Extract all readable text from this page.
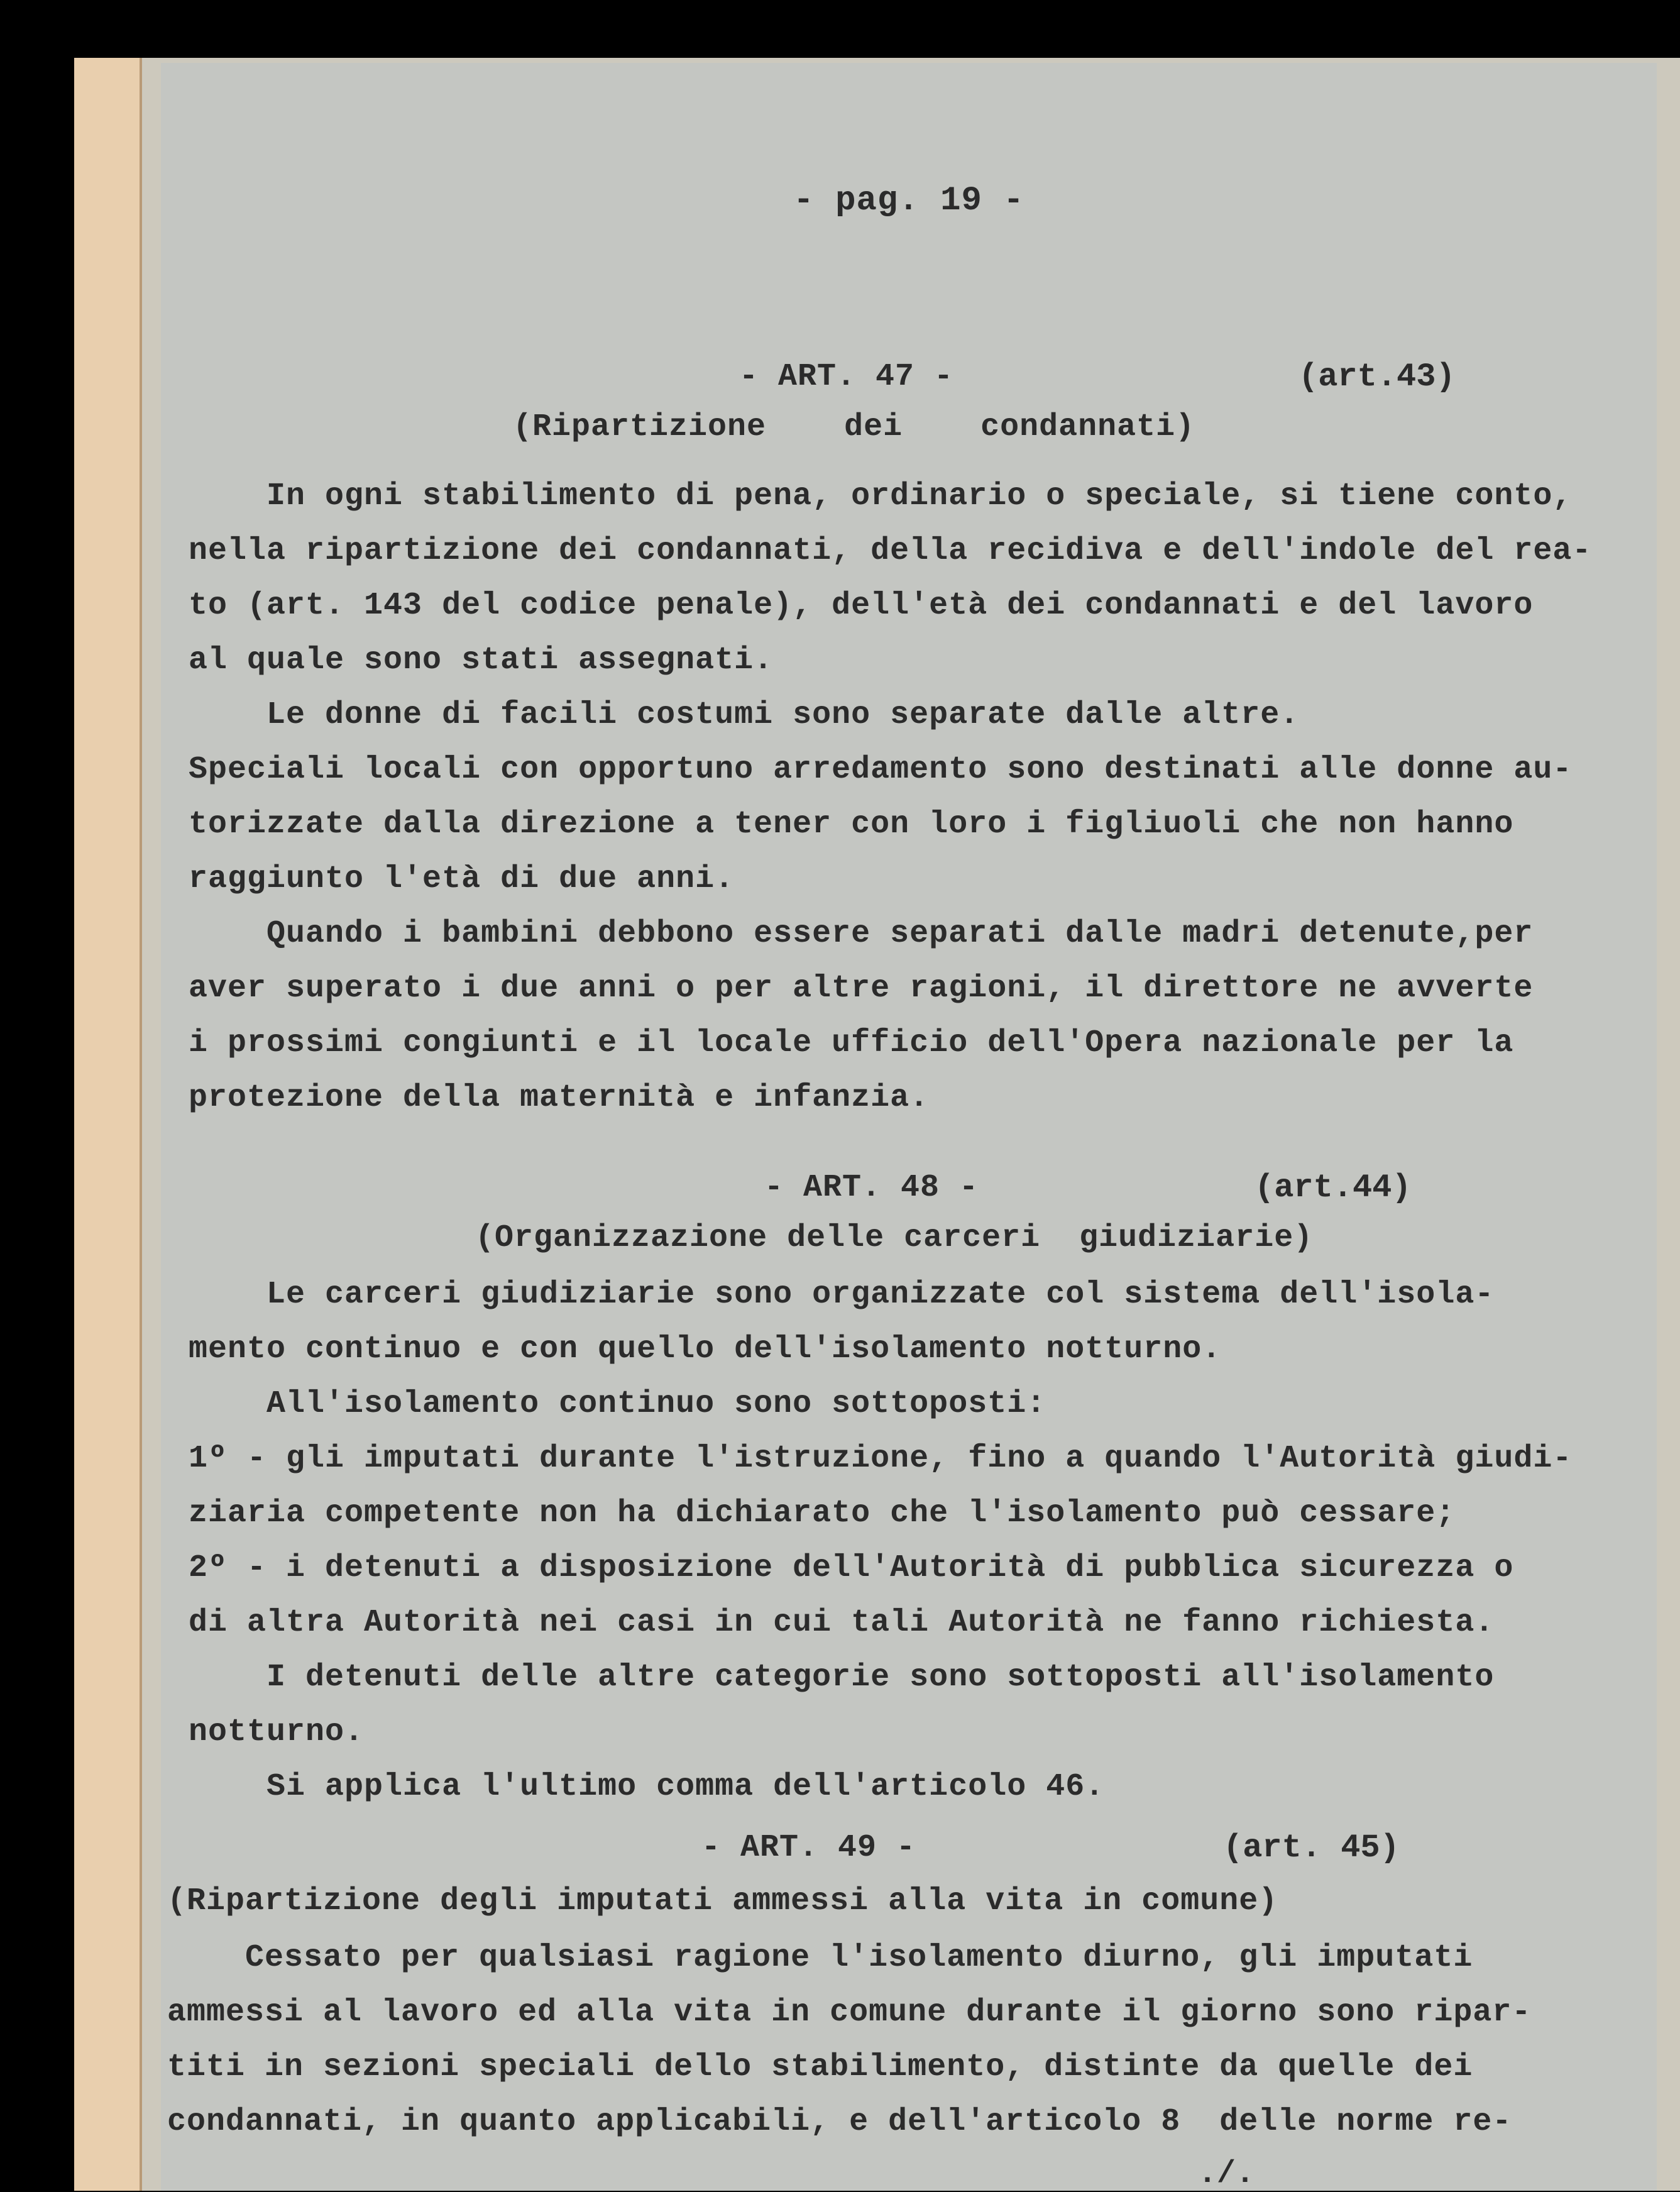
- pag. 19 -

- ART. 47 -	(art.43)

(Ripartizione    dei    condannati)

In ogni stabilimento di pena, ordinario o speciale, si tiene conto,

nella ripartizione dei condannati, della recidiva e dell'indole del rea-

to (art. 143 del codice penale), dell'età dei condannati e del lavoro

al quale sono stati assegnati.

Le donne di facili costumi sono separate dalle altre.

Speciali locali con opportuno arredamento sono destinati alle donne au-

torizzate dalla direzione a tener con loro i figliuoli che non hanno

raggiunto l'età di due anni.

Quando i bambini debbono essere separati dalle madri detenute,per

aver superato i due anni o per altre ragioni, il direttore ne avverte

i prossimi congiunti e il locale ufficio dell'Opera nazionale per la

protezione della maternità e infanzia.

- ART. 48 -	(art.44)

(Organizzazione delle carceri  giudiziarie)

Le carceri giudiziarie sono organizzate col sistema dell'isola-

mento continuo e con quello dell'isolamento notturno.

All'isolamento continuo sono sottoposti:

1º - gli imputati durante l'istruzione, fino a quando l'Autorità giudi-

ziaria competente non ha dichiarato che l'isolamento può cessare;

2º - i detenuti a disposizione dell'Autorità di pubblica sicurezza o

di altra Autorità nei casi in cui tali Autorità ne fanno richiesta.

I detenuti delle altre categorie sono sottoposti all'isolamento

notturno.

Si applica l'ultimo comma dell'articolo 46.

- ART. 49 -	(art. 45)

(Ripartizione degli imputati ammessi alla vita in comune)

Cessato per qualsiasi ragione l'isolamento diurno, gli imputati

ammessi al lavoro ed alla vita in comune durante il giorno sono ripar-

titi in sezioni speciali dello stabilimento, distinte da quelle dei

condannati, in quanto applicabili, e dell'articolo 8  delle norme re-

./.
